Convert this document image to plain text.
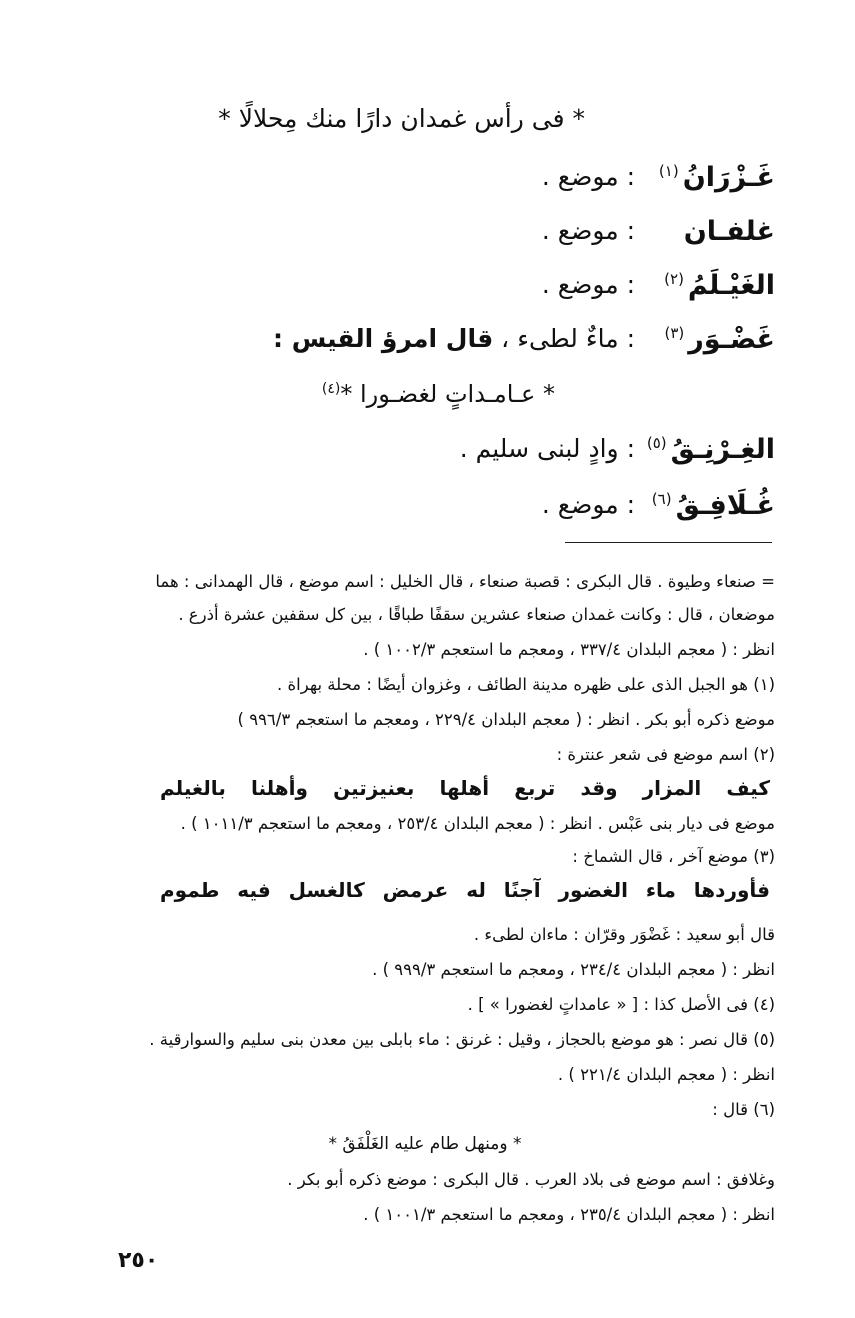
* فى رأس غمدان دارًا منك مِحلالًا *
غَـزْرَانُ$^{(١)}$
: موضع .
غلفـان
: موضع .
الغَيْـلَمُ$^{(٢)}$
: موضع .
غَضْـوَر$^{(٣)}$
: ماءٌ لطىء ، قال امرؤ القيس :
* عـامـداتٍ لغضـورا *$^{(٤)}$
الغِـرْنِـقُ$^{(٥)}$
: وادٍ لبنى سليم .
غُـلَافِـقُ$^{(٦)}$
: موضع .
= صنعاء وطيوة . قال البكرى : قصبة صنعاء ، قال الخليل : اسم موضع ، قال الهمدانى : هما
موضعان ، قال : وكانت غمدان صنعاء عشرين سقفًا طباقًا ، بين كل سقفين عشرة أذرع .
انظر : ( معجم البلدان ٣٣٧/٤ ، ومعجم ما استعجم ١٠٠٢/٣ ) .
(١) هو الجبل الذى على ظهره مدينة الطائف ، وغزوان أيضًا : محلة بهراة .
موضع ذكره أبو بكر . انظر : ( معجم البلدان ٢٢٩/٤ ، ومعجم ما استعجم ٩٩٦/٣ )
(٢) اسم موضع فى شعر عنترة :
كيف المزار وقد تربع أهلها بعنيزتين وأهلنا بالغيلم
موضع فى ديار بنى عَبْس . انظر : ( معجم البلدان ٢٥٣/٤ ، ومعجم ما استعجم ١٠١١/٣ ) .
(٣) موضع آخر ، قال الشماخ :
فأوردها ماء الغضور آجنًا له عرمض كالغسل فيه طموم
قال أبو سعيد : غَضْوَر وقرّان : ماءان لطىء .
انظر : ( معجم البلدان ٢٣٤/٤ ، ومعجم ما استعجم ٩٩٩/٣ ) .
(٤) فى الأصل كذا : [ « عامداتٍ لغضورا » ] .
(٥) قال نصر : هو موضع بالحجاز ، وقيل : غرنق : ماء بابلى بين معدن بنى سليم والسوارقية .
انظر : ( معجم البلدان ٢٢١/٤ ) .
(٦) قال :
* ومنهل طام عليه الغَلْفَقُ *
وغلافق : اسم موضع فى بلاد العرب . قال البكرى : موضع ذكره أبو بكر .
انظر : ( معجم البلدان ٢٣٥/٤ ، ومعجم ما استعجم ١٠٠١/٣ ) .
٢٥٠
